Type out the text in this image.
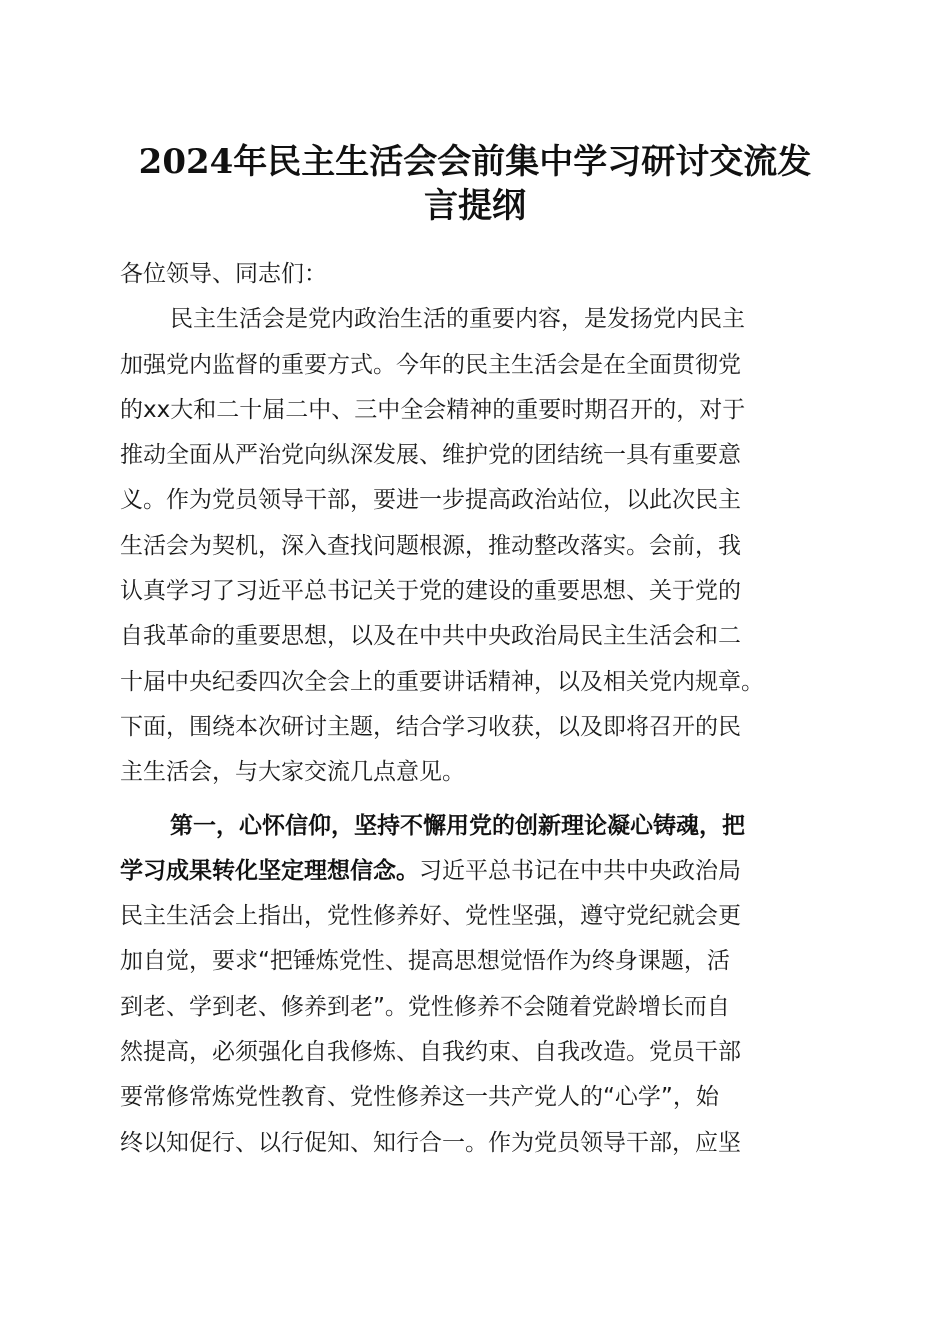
2024年民主生活会会前集中学习研讨交流发
言提纲
各位领导、同志们：
民主生活会是党内政治生活的重要内容，是发扬党内民主
加强党内监督的重要方式。今年的民主生活会是在全面贯彻党
的xx大和二十届二中、三中全会精神的重要时期召开的，对于
推动全面从严治党向纵深发展、维护党的团结统一具有重要意
义。作为党员领导干部，要进一步提高政治站位，以此次民主
生活会为契机，深入查找问题根源，推动整改落实。会前，我
认真学习了习近平总书记关于党的建设的重要思想、关于党的
自我革命的重要思想，以及在中共中央政治局民主生活会和二
十届中央纪委四次全会上的重要讲话精神，以及相关党内规章。
下面，围绕本次研讨主题，结合学习收获，以及即将召开的民
主生活会，与大家交流几点意见。
第一，心怀信仰，坚持不懈用党的创新理论凝心铸魂，把
学习成果转化坚定理想信念。习近平总书记在中共中央政治局
民主生活会上指出，党性修养好、党性坚强，遵守党纪就会更
加自觉，要求“把锤炼党性、提高思想觉悟作为终身课题，活
到老、学到老、修养到老”。党性修养不会随着党龄增长而自
然提高，必须强化自我修炼、自我约束、自我改造。党员干部
要常修常炼党性教育、党性修养这一共产党人的“心学”，始
终以知促行、以行促知、知行合一。作为党员领导干部，应坚
